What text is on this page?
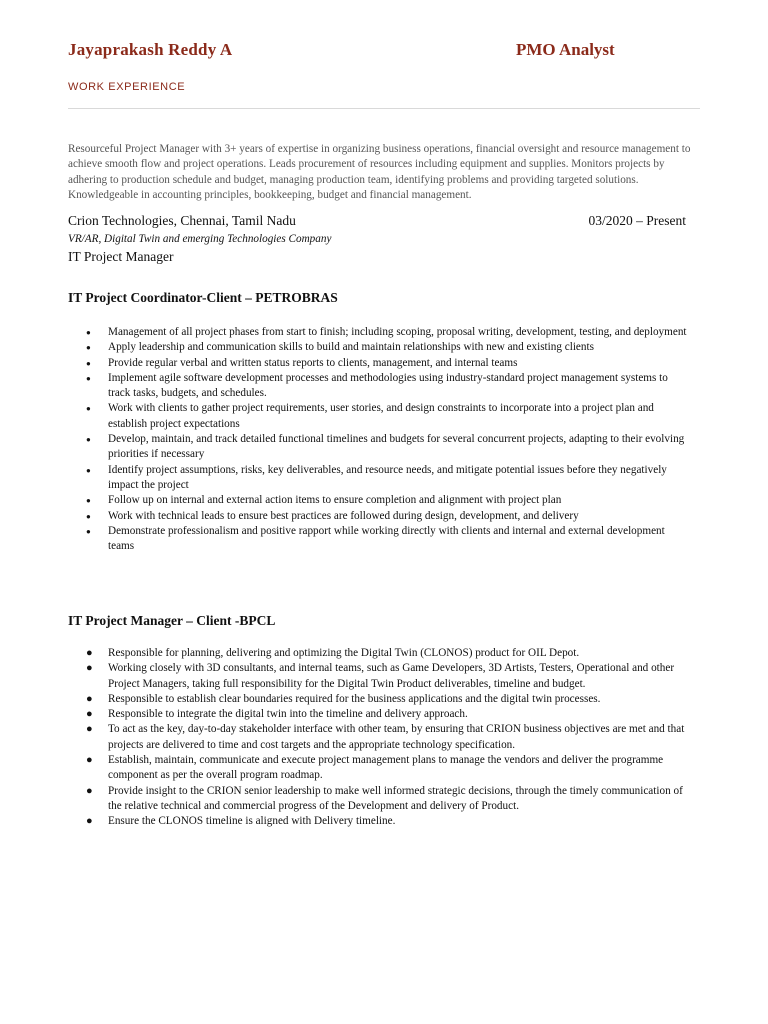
Jayaprakash Reddy A	PMO Analyst
WORK EXPERIENCE
Resourceful Project Manager with 3+ years of expertise in organizing business operations, financial oversight and resource management to achieve smooth flow and project operations. Leads procurement of resources including equipment and supplies. Monitors projects by adhering to production schedule and budget, managing production team, identifying problems and providing targeted solutions. Knowledgeable in accounting principles, bookkeeping, budget and financial management.
Crion Technologies, Chennai, Tamil Nadu	03/2020 – Present
VR/AR, Digital Twin and emerging Technologies Company
IT Project Manager
IT Project Coordinator-Client – PETROBRAS
● Management of all project phases from start to finish; including scoping, proposal writing, development, testing, and deployment
● Apply leadership and communication skills to build and maintain relationships with new and existing clients
● Provide regular verbal and written status reports to clients, management, and internal teams
● Implement agile software development processes and methodologies using industry-standard project management systems to track tasks, budgets, and schedules.
● Work with clients to gather project requirements, user stories, and design constraints to incorporate into a project plan and establish project expectations
● Develop, maintain, and track detailed functional timelines and budgets for several concurrent projects, adapting to their evolving priorities if necessary
● Identify project assumptions, risks, key deliverables, and resource needs, and mitigate potential issues before they negatively impact the project
● Follow up on internal and external action items to ensure completion and alignment with project plan
● Work with technical leads to ensure best practices are followed during design, development, and delivery
● Demonstrate professionalism and positive rapport while working directly with clients and internal and external development teams
IT Project Manager – Client -BPCL
● Responsible for planning, delivering and optimizing the Digital Twin (CLONOS) product for OIL Depot.
● Working closely with 3D consultants, and internal teams, such as Game Developers, 3D Artists, Testers, Operational and other Project Managers, taking full responsibility for the Digital Twin Product deliverables, timeline and budget.
● Responsible to establish clear boundaries required for the business applications and the digital twin processes.
● Responsible to integrate the digital twin into the timeline and delivery approach.
● To act as the key, day-to-day stakeholder interface with other team, by ensuring that CRION business objectives are met and that projects are delivered to time and cost targets and the appropriate technology specification.
● Establish, maintain, communicate and execute project management plans to manage the vendors and deliver the programme component as per the overall program roadmap.
● Provide insight to the CRION senior leadership to make well informed strategic decisions, through the timely communication of the relative technical and commercial progress of the Development and delivery of Product.
● Ensure the CLONOS timeline is aligned with Delivery timeline.
